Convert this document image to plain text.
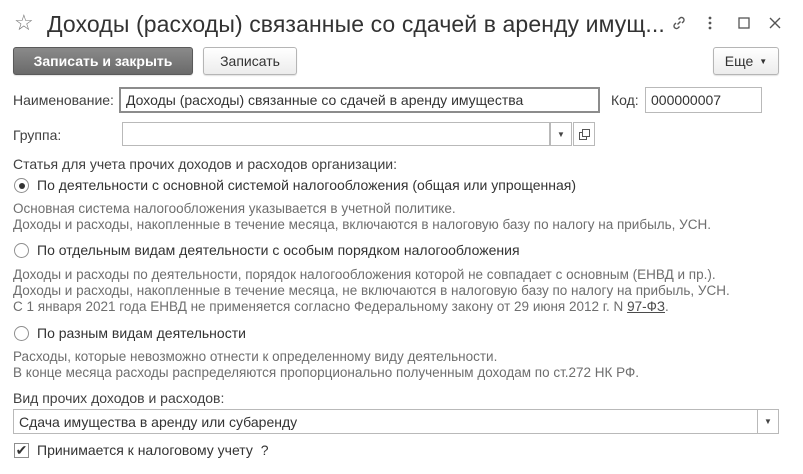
☆ Доходы (расходы) связанные со сдачей в аренду имущ...
Записать и закрыть	Записать	Еще ▼
Наименование: Доходы (расходы) связанные со сдачей в аренду имущества	Код: 000000007
Группа:	▼
Статья для учета прочих доходов и расходов организации:
По деятельности с основной системой налогообложения (общая или упрощенная)
Основная система налогообложения указывается в учетной политике.
Доходы и расходы, накопленные в течение месяца, включаются в налоговую базу по налогу на прибыль, УСН.
По отдельным видам деятельности с особым порядком налогообложения
Доходы и расходы по деятельности, порядок налогообложения которой не совпадает с основным (ЕНВД и пр.).
Доходы и расходы, накопленные в течение месяца, не включаются в налоговую базу по налогу на прибыль, УСН.
С 1 января 2021 года ЕНВД не применяется согласно Федеральному закону от 29 июня 2012 г. N 97-ФЗ.
По разным видам деятельности
Расходы, которые невозможно отнести к определенному виду деятельности.
В конце месяца расходы распределяются пропорционально полученным доходам по ст.272 НК РФ.
Вид прочих доходов и расходов:
Сдача имущества в аренду или субаренду	▼
✔ Принимается к налоговому учету ?
